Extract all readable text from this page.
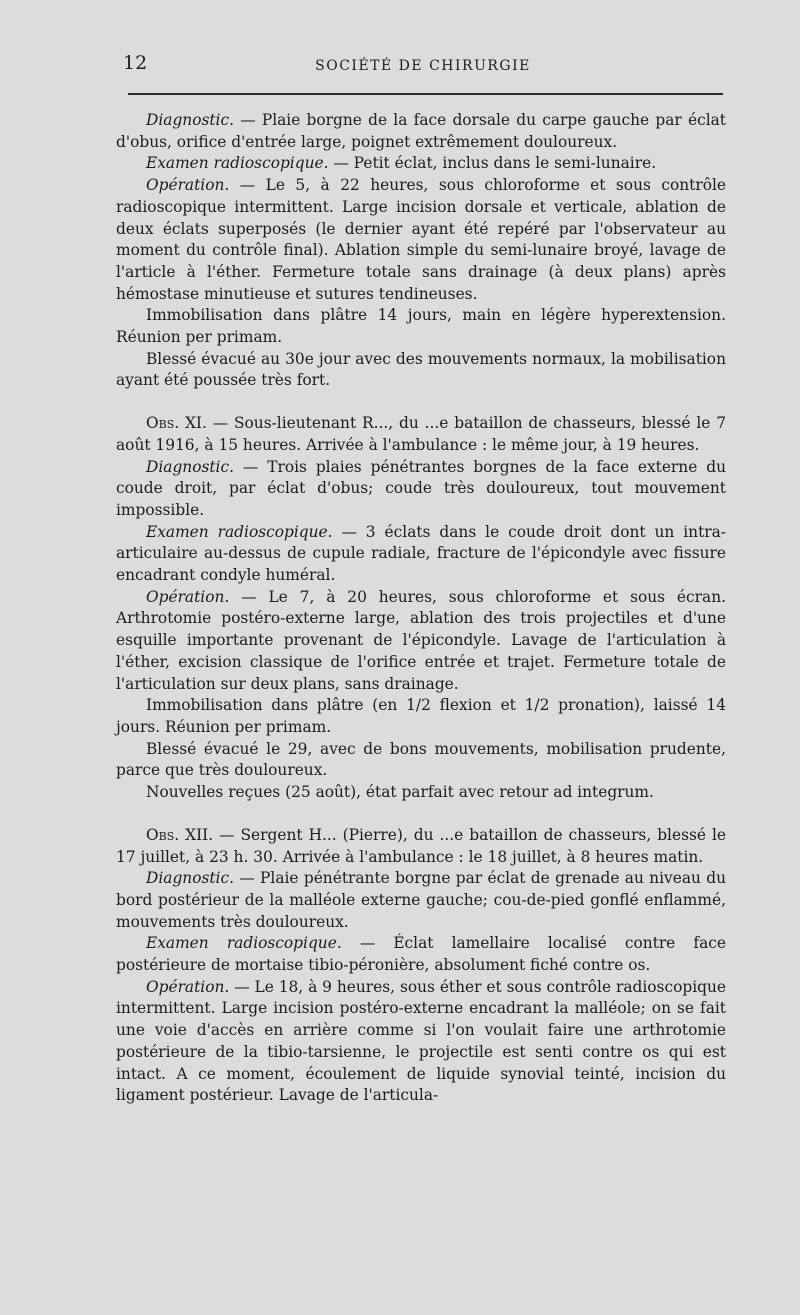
12	SOCIÉTÉ DE CHIRURGIE

Diagnostic. — Plaie borgne de la face dorsale du carpe gauche par éclat d'obus, orifice d'entrée large, poignet extrêmement douloureux.

Examen radioscopique. — Petit éclat, inclus dans le semi-lunaire.

Opération. — Le 5, à 22 heures, sous chloroforme et sous contrôle radioscopique intermittent. Large incision dorsale et verticale, ablation de deux éclats superposés (le dernier ayant été repéré par l'observateur au moment du contrôle final). Ablation simple du semi-lunaire broyé, lavage de l'article à l'éther. Fermeture totale sans drainage (à deux plans) après hémostase minutieuse et sutures tendineuses.

Immobilisation dans plâtre 14 jours, main en légère hyperextension. Réunion per primam.

Blessé évacué au 30e jour avec des mouvements normaux, la mobilisation ayant été poussée très fort.

Obs. XI. — Sous-lieutenant R..., du ...e bataillon de chasseurs, blessé le 7 août 1916, à 15 heures. Arrivée à l'ambulance : le même jour, à 19 heures.

Diagnostic. — Trois plaies pénétrantes borgnes de la face externe du coude droit, par éclat d'obus; coude très douloureux, tout mouvement impossible.

Examen radioscopique. — 3 éclats dans le coude droit dont un intra-articulaire au-dessus de cupule radiale, fracture de l'épicondyle avec fissure encadrant condyle huméral.

Opération. — Le 7, à 20 heures, sous chloroforme et sous écran. Arthrotomie postéro-externe large, ablation des trois projectiles et d'une esquille importante provenant de l'épicondyle. Lavage de l'articulation à l'éther, excision classique de l'orifice entrée et trajet. Fermeture totale de l'articulation sur deux plans, sans drainage.

Immobilisation dans plâtre (en 1/2 flexion et 1/2 pronation), laissé 14 jours. Réunion per primam.

Blessé évacué le 29, avec de bons mouvements, mobilisation prudente, parce que très douloureux.

Nouvelles reçues (25 août), état parfait avec retour ad integrum.

Obs. XII. — Sergent H... (Pierre), du ...e bataillon de chasseurs, blessé le 17 juillet, à 23 h. 30. Arrivée à l'ambulance : le 18 juillet, à 8 heures matin.

Diagnostic. — Plaie pénétrante borgne par éclat de grenade au niveau du bord postérieur de la malléole externe gauche; cou-de-pied gonflé enflammé, mouvements très douloureux.

Examen radioscopique. — Éclat lamellaire localisé contre face postérieure de mortaise tibio-péronière, absolument fiché contre os.

Opération. — Le 18, à 9 heures, sous éther et sous contrôle radioscopique intermittent. Large incision postéro-externe encadrant la malléole; on se fait une voie d'accès en arrière comme si l'on voulait faire une arthrotomie postérieure de la tibio-tarsienne, le projectile est senti contre os qui est intact. A ce moment, écoulement de liquide synovial teinté, incision du ligament postérieur. Lavage de l'articula-
